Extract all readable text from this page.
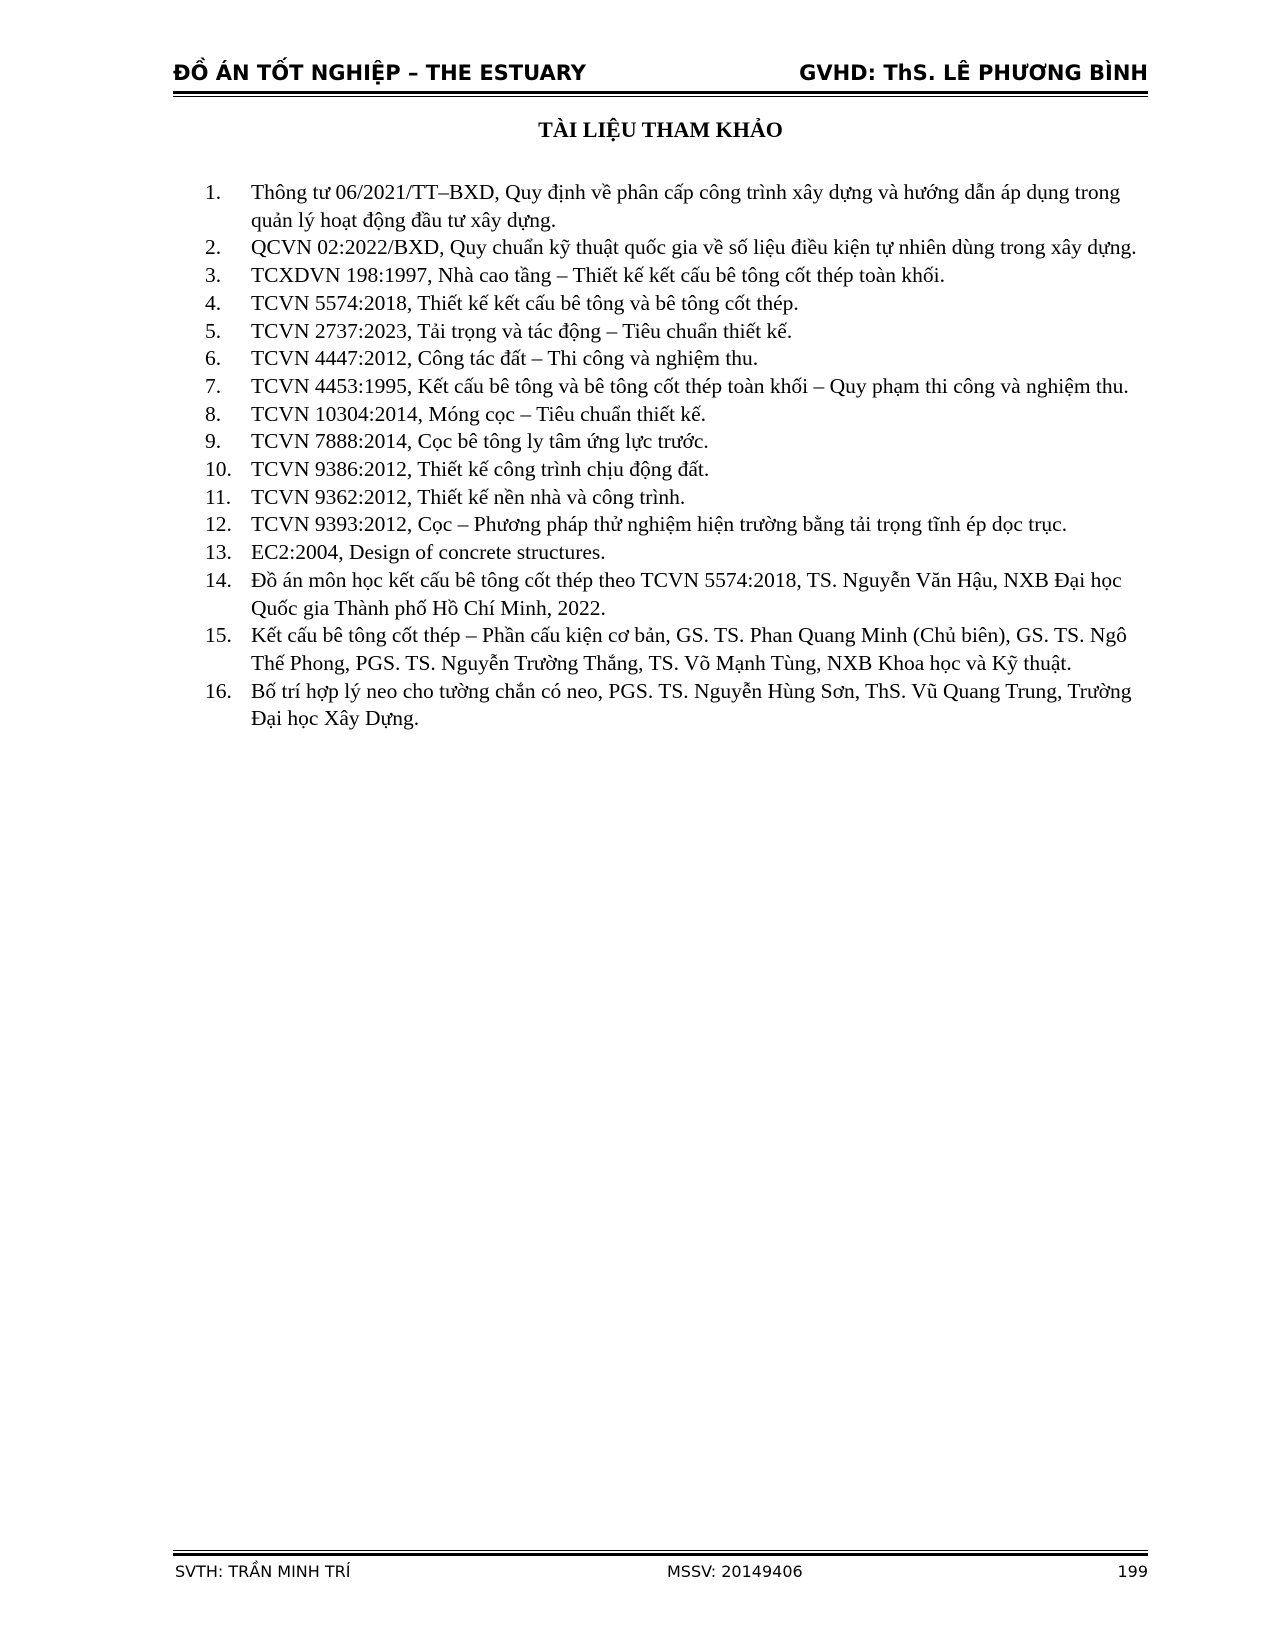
ĐỒ ÁN TỐT NGHIỆP – THE ESTUARY	GVHD: ThS. LÊ PHƯƠNG BÌNH
TÀI LIỆU THAM KHẢO
1. Thông tư 06/2021/TT–BXD, Quy định về phân cấp công trình xây dựng và hướng dẫn áp dụng trong quản lý hoạt động đầu tư xây dựng.
2. QCVN 02:2022/BXD, Quy chuẩn kỹ thuật quốc gia về số liệu điều kiện tự nhiên dùng trong xây dựng.
3. TCXDVN 198:1997, Nhà cao tầng – Thiết kế kết cấu bê tông cốt thép toàn khối.
4. TCVN 5574:2018, Thiết kế kết cấu bê tông và bê tông cốt thép.
5. TCVN 2737:2023, Tải trọng và tác động – Tiêu chuẩn thiết kế.
6. TCVN 4447:2012, Công tác đất – Thi công và nghiệm thu.
7. TCVN 4453:1995, Kết cấu bê tông và bê tông cốt thép toàn khối – Quy phạm thi công và nghiệm thu.
8. TCVN 10304:2014, Móng cọc – Tiêu chuẩn thiết kế.
9. TCVN 7888:2014, Cọc bê tông ly tâm ứng lực trước.
10. TCVN 9386:2012, Thiết kế công trình chịu động đất.
11. TCVN 9362:2012, Thiết kế nền nhà và công trình.
12. TCVN 9393:2012, Cọc – Phương pháp thử nghiệm hiện trường bằng tải trọng tĩnh ép dọc trục.
13. EC2:2004, Design of concrete structures.
14. Đồ án môn học kết cấu bê tông cốt thép theo TCVN 5574:2018, TS. Nguyễn Văn Hậu, NXB Đại học Quốc gia Thành phố Hồ Chí Minh, 2022.
15. Kết cấu bê tông cốt thép – Phần cấu kiện cơ bản, GS. TS. Phan Quang Minh (Chủ biên), GS. TS. Ngô Thế Phong, PGS. TS. Nguyễn Trường Thắng, TS. Võ Mạnh Tùng, NXB Khoa học và Kỹ thuật.
16. Bố trí hợp lý neo cho tường chắn có neo, PGS. TS. Nguyễn Hùng Sơn, ThS. Vũ Quang Trung, Trường Đại học Xây Dựng.
SVTH: TRẦN MINH TRÍ	MSSV: 20149406	199
